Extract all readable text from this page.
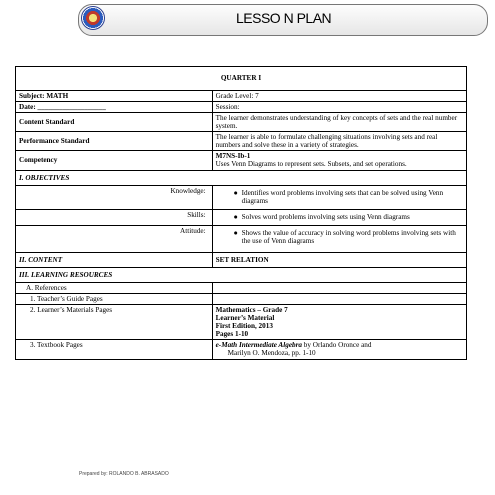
LESSO N PLAN
QUARTER I	
Subject: MATH	Grade Level: 7
Date: ___________________	Session:
Content Standard	The learner demonstrates understanding of key concepts of sets and the real number system.
Performance Standard	The learner is able to formulate challenging situations involving sets and real numbers and solve these in a variety of strategies.
Competency	M7NS-Ib-1
Uses Venn Diagrams to represent sets. Subsets, and set operations.

I. OBJECTIVES	
Knowledge:	● Identifies word problems involving sets that can be solved using Venn diagrams

Skills:	● Solves word problems involving sets using Venn diagrams

Attitude:	● Shows the value of accuracy in solving word problems involving sets with the use of Venn diagrams

II. CONTENT	SET RELATION
III. LEARNING RESOURCES	
A. References	
1. Teacher’s Guide Pages	
2. Learner’s Materials Pages	Mathematics – Grade 7
Learner’s Material
First Edition, 2013
Pages 1-10

3. Textbook Pages	e-Math Intermediate Algebra by Orlando Oronce and
Marilyn O. Mendoza, pp. 1-10
Prepared by: ROLANDO B. ABRASADO
